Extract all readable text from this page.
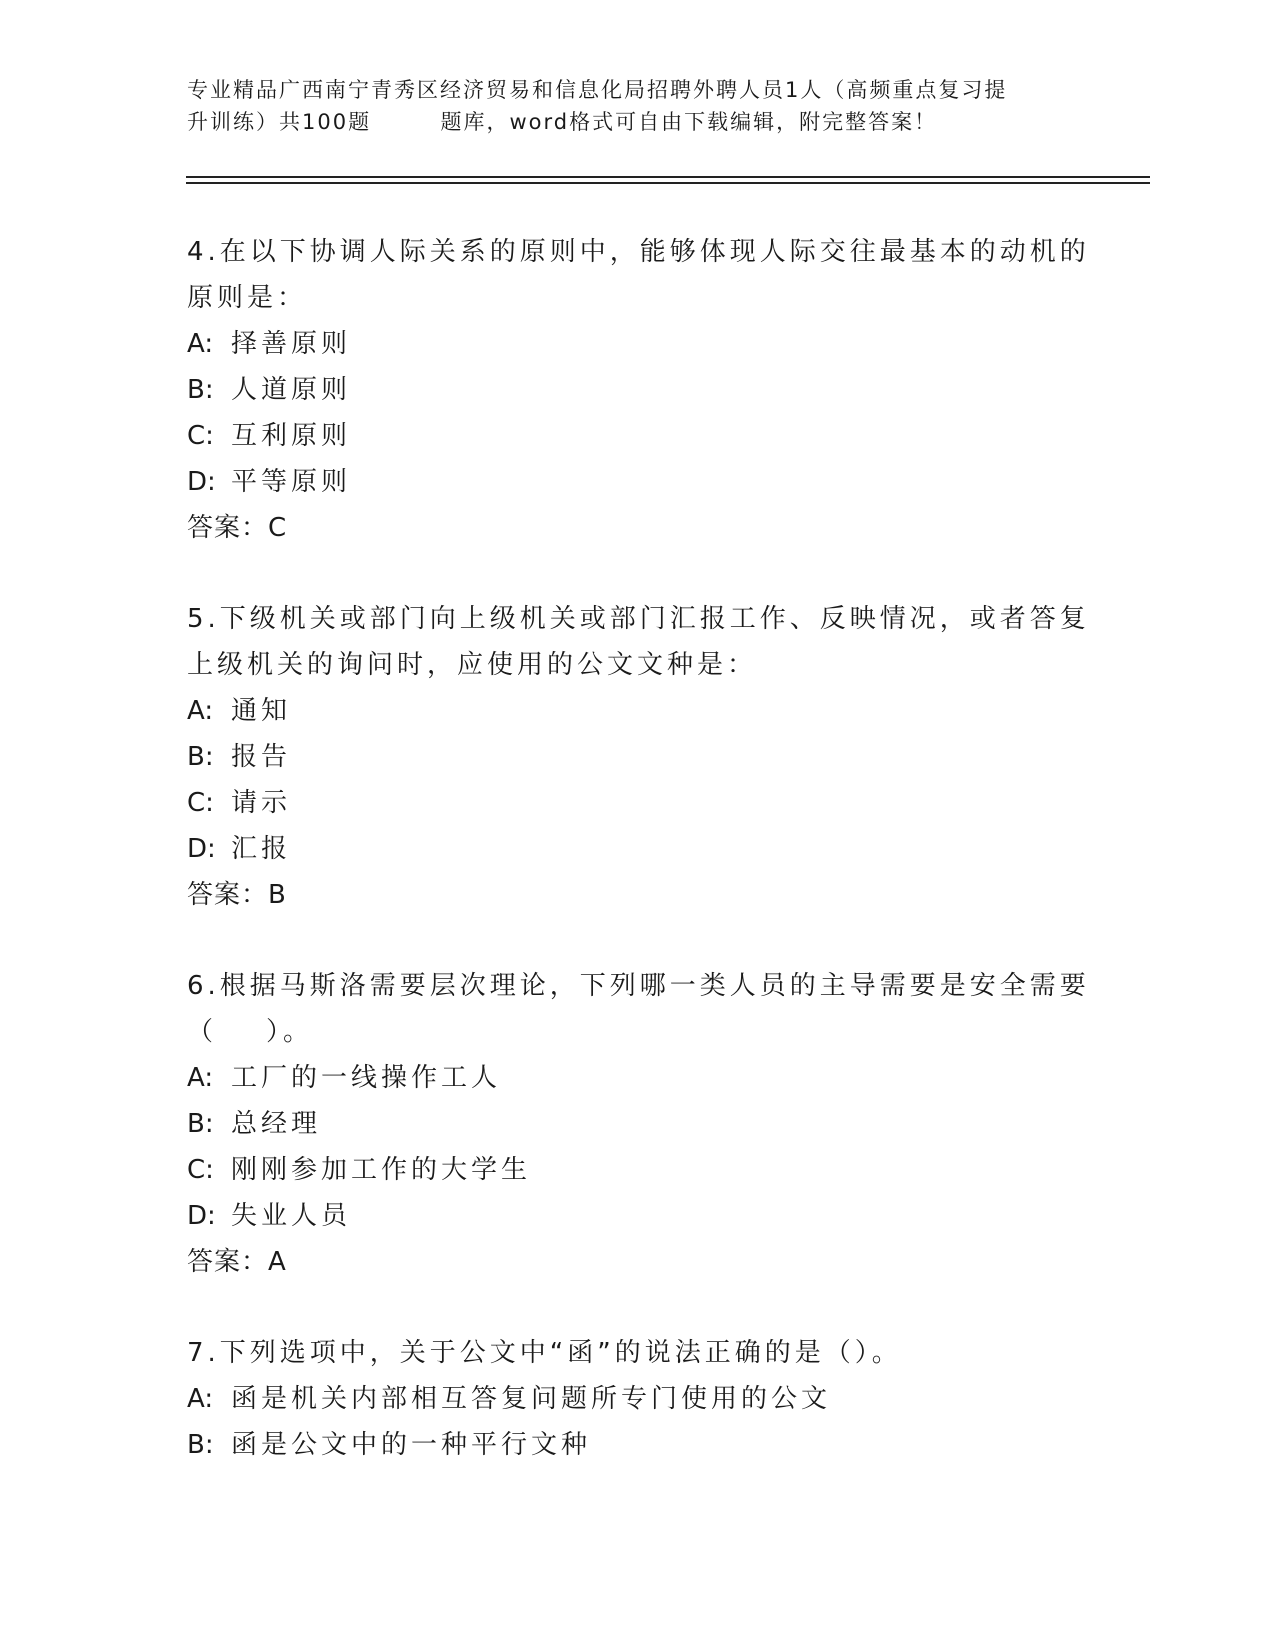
专业精品广西南宁青秀区经济贸易和信息化局招聘外聘人员1人（高频重点复习提
升训练）共100题        题库，word格式可自由下载编辑，附完整答案！
4.在以下协调人际关系的原则中，能够体现人际交往最基本的动机的
原则是：
A: 择善原则
B: 人道原则
C: 互利原则
D: 平等原则
答案：C
5.下级机关或部门向上级机关或部门汇报工作、反映情况，或者答复
上级机关的询问时，应使用的公文文种是：
A: 通知
B: 报告
C: 请示
D: 汇报
答案：B
6.根据马斯洛需要层次理论，下列哪一类人员的主导需要是安全需要
（    ）。
A: 工厂的一线操作工人
B: 总经理
C: 刚刚参加工作的大学生
D: 失业人员
答案：A
7.下列选项中，关于公文中“函”的说法正确的是（）。
A: 函是机关内部相互答复问题所专门使用的公文
B: 函是公文中的一种平行文种
